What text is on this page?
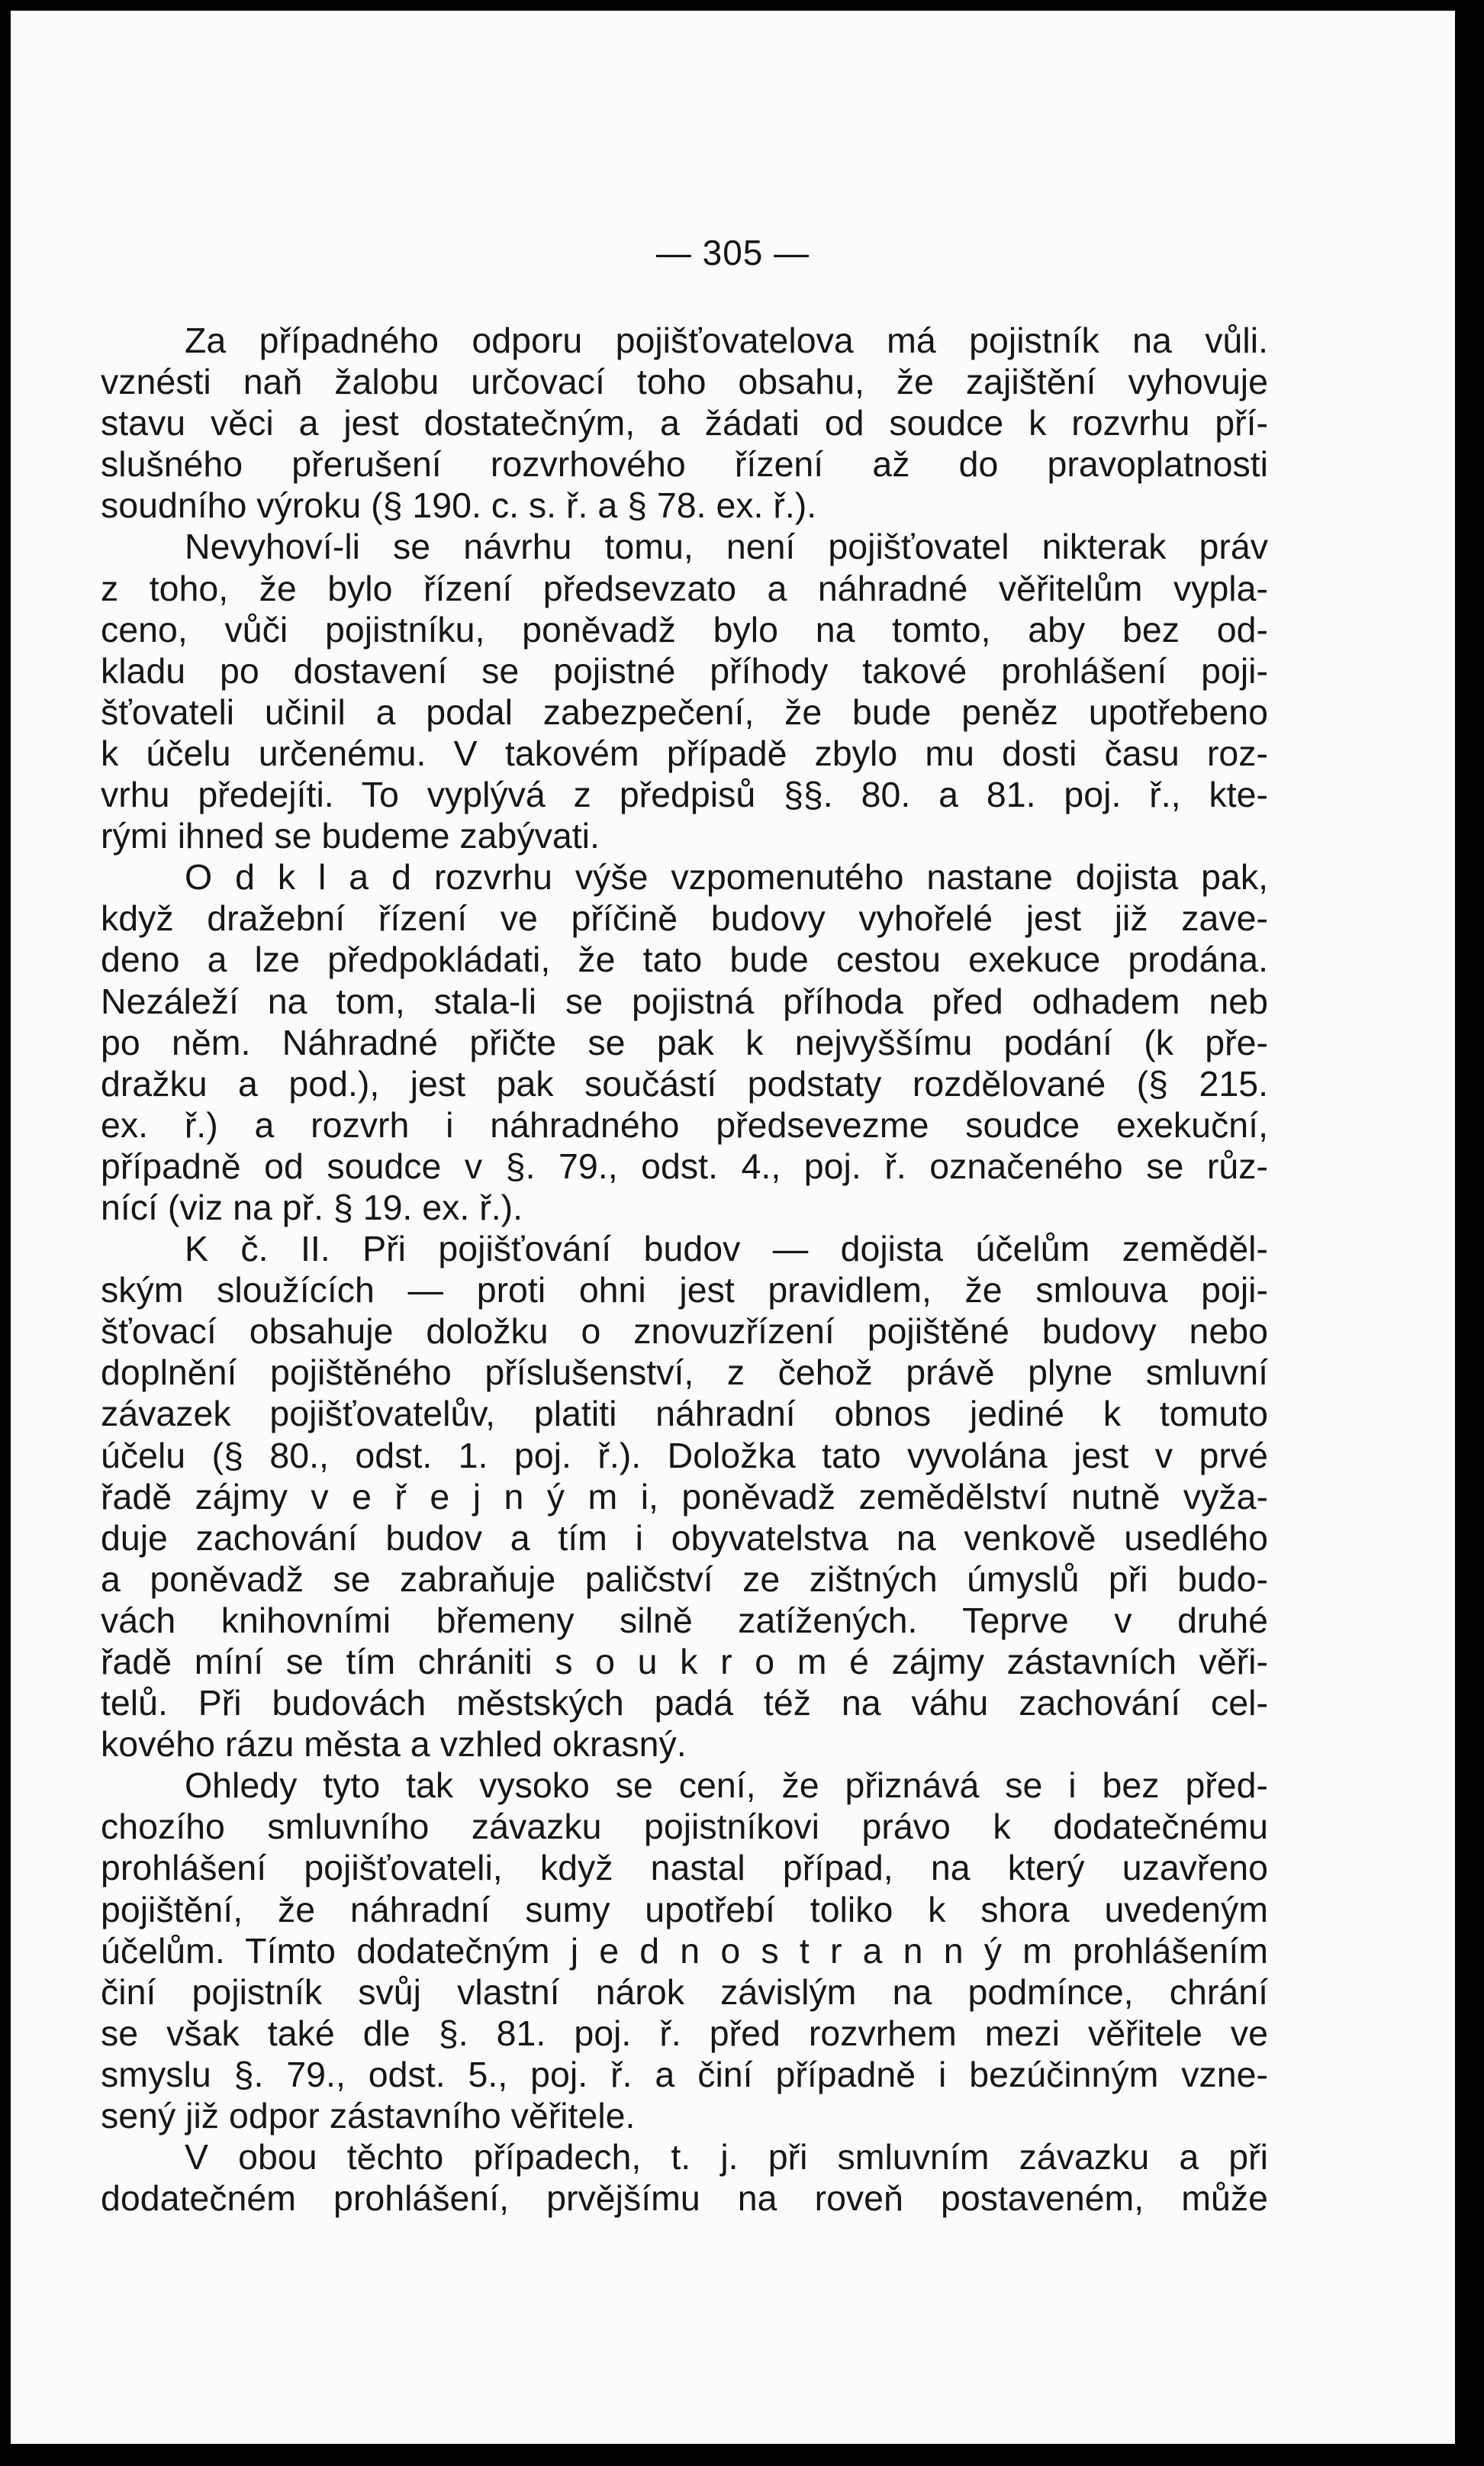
— 305 —
Za případného odporu pojišťovatelova má pojistník na vůli.
vznésti naň žalobu určovací toho obsahu, že zajištění vyhovuje
stavu věci a jest dostatečným, a žádati od soudce k rozvrhu pří-
slušného přerušení rozvrhového řízení až do pravoplatnosti
soudního výroku (§ 190. c. s. ř. a § 78. ex. ř.).
Nevyhoví-li se návrhu tomu, není pojišťovatel nikterak práv
z toho, že bylo řízení předsevzato a náhradné věřitelům vypla-
ceno, vůči pojistníku, poněvadž bylo na tomto, aby bez od-
kladu po dostavení se pojistné příhody takové prohlášení poji-
šťovateli učinil a podal zabezpečení, že bude peněz upotřebeno
k účelu určenému. V takovém případě zbylo mu dosti času roz-
vrhu předejíti. To vyplývá z předpisů §§. 80. a 81. poj. ř., kte-
rými ihned se budeme zabývati.
O d k l a d rozvrhu výše vzpomenutého nastane dojista pak,
když dražební řízení ve příčině budovy vyhořelé jest již zave-
deno a lze předpokládati, že tato bude cestou exekuce prodána.
Nezáleží na tom, stala-li se pojistná příhoda před odhadem neb
po něm. Náhradné přičte se pak k nejvyššímu podání (k pře-
dražku a pod.), jest pak součástí podstaty rozdělované (§ 215.
ex. ř.) a rozvrh i náhradného předsevezme soudce exekuční,
případně od soudce v §. 79., odst. 4., poj. ř. označeného se růz-
nící (viz na př. § 19. ex. ř.).
K č. II. Při pojišťování budov — dojista účelům zeměděl-
ským sloužících — proti ohni jest pravidlem, že smlouva poji-
šťovací obsahuje doložku o znovuzřízení pojištěné budovy nebo
doplnění pojištěného příslušenství, z čehož právě plyne smluvní
závazek pojišťovatelův, platiti náhradní obnos jediné k tomuto
účelu (§ 80., odst. 1. poj. ř.). Doložka tato vyvolána jest v prvé
řadě zájmy v e ř e j n ý m i, poněvadž zemědělství nutně vyža-
duje zachování budov a tím i obyvatelstva na venkově usedlého
a poněvadž se zabraňuje paličství ze zištných úmyslů při budo-
vách knihovními břemeny silně zatížených. Teprve v druhé
řadě míní se tím chrániti s o u k r o m é zájmy zástavních věři-
telů. Při budovách městských padá též na váhu zachování cel-
kového rázu města a vzhled okrasný.
Ohledy tyto tak vysoko se cení, že přiznává se i bez před-
chozího smluvního závazku pojistníkovi právo k dodatečnému
prohlášení pojišťovateli, když nastal případ, na který uzavřeno
pojištění, že náhradní sumy upotřebí toliko k shora uvedeným
účelům. Tímto dodatečným j e d n o s t r a n n ý m prohlášením
činí pojistník svůj vlastní nárok závislým na podmínce, chrání
se však také dle §. 81. poj. ř. před rozvrhem mezi věřitele ve
smyslu §. 79., odst. 5., poj. ř. a činí případně i bezúčinným vzne-
sený již odpor zástavního věřitele.
V obou těchto případech, t. j. při smluvním závazku a při
dodatečném prohlášení, prvějšímu na roveň postaveném, může
